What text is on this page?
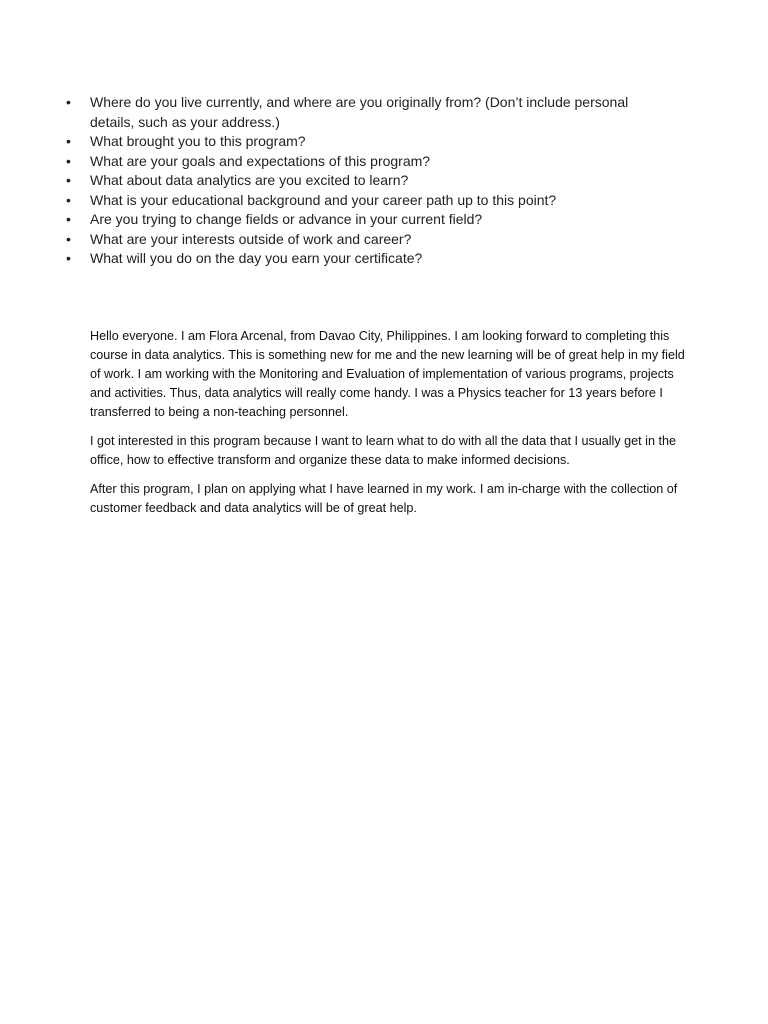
•	Where do you live currently, and where are you originally from? (Don’t include personal details, such as your address.)
•	What brought you to this program?
•	What are your goals and expectations of this program?
•	What about data analytics are you excited to learn?
•	What is your educational background and your career path up to this point?
•	Are you trying to change fields or advance in your current field?
•	What are your interests outside of work and career?
•	What will you do on the day you earn your certificate?

Hello everyone. I am Flora Arcenal, from Davao City, Philippines. I am looking forward to completing this course in data analytics. This is something new for me and the new learning will be of great help in my field of work. I am working with the Monitoring and Evaluation of implementation of various programs, projects and activities. Thus, data analytics will really come handy. I was a Physics teacher for 13 years before I transferred to being a non-teaching personnel.

I got interested in this program because I want to learn what to do with all the data that I usually get in the office, how to effective transform and organize these data to make informed decisions.

After this program, I plan on applying what I have learned in my work. I am in-charge with the collection of customer feedback and data analytics will be of great help.
